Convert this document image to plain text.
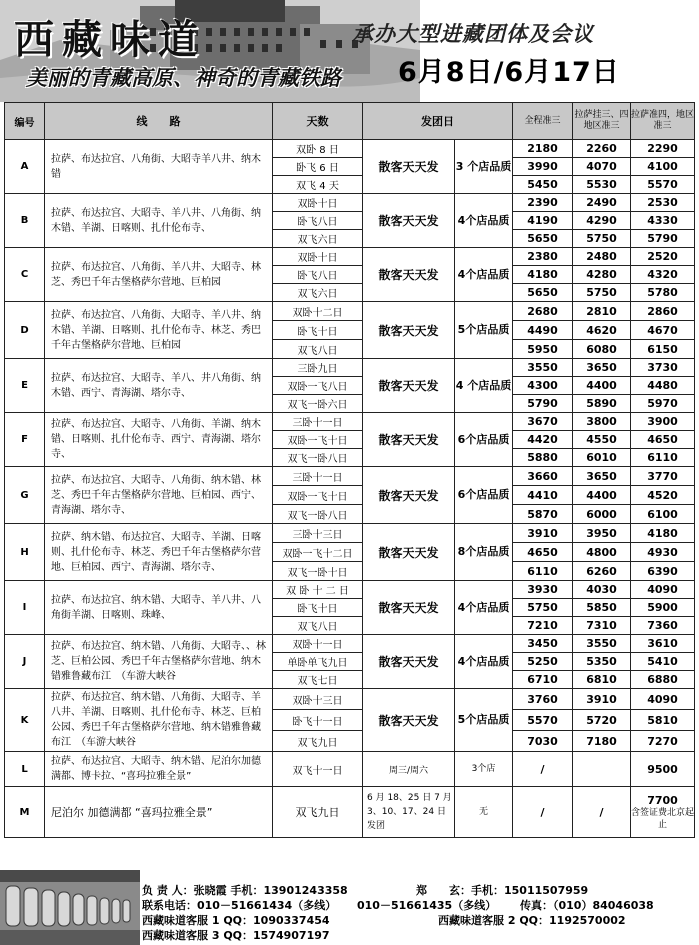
西藏味道
美丽的青藏高原、神奇的青藏铁路
承办大型进藏团体及会议
6月8日/6月17日
编号	线　　路	天数	发团日		全程准三	拉萨挂三、四地区准三	拉萨准四，地区准三
A	拉萨、布达拉宫、八角街、大昭寺羊八井、纳木错	双卧 8 日	散客天天发	3 个店品质	2180	2260	2290
		卧飞 6 日			3990	4070	4100
		双飞 4 天			5450	5530	5570
B	拉萨、布达拉宫、大昭寺、羊八井、八角街、纳木错、羊湖、日喀则、扎什伦布寺、	双卧十日	散客天天发	4个店品质	2390	2490	2530
		卧飞八日			4190	4290	4330
		双飞六日			5650	5750	5790
C	拉萨、布达拉宫、八角街、羊八井、大昭寺、林芝、秀巴千年古堡格萨尔营地、巨柏园	双卧十日	散客天天发	4个店品质	2380	2480	2520
		卧飞八日			4180	4280	4320
		双飞六日			5650	5750	5780
D	拉萨、布达拉宫、八角街、大昭寺、羊八井、纳木错、羊湖、日喀则、扎什伦布寺、林芝、秀巴千年古堡格萨尔营地、巨柏园	双卧十二日	散客天天发	5个店品质	2680	2810	2860
		卧飞十日			4490	4620	4670
		双飞八日			5950	6080	6150
E	拉萨、布达拉宫、大昭寺、羊八、井八角街、纳木错、西宁、青海湖、塔尔寺、	三卧九日	散客天天发	4 个店品质	3550	3650	3730
		双卧一飞八日			4300	4400	4480
		双飞一卧六日			5790	5890	5970
F	拉萨、布达拉宫、大昭寺、八角街、羊湖、纳木错、日喀则、扎什伦布寺、西宁、青海湖、塔尔寺、	三卧十一日	散客天天发	6个店品质	3670	3800	3900
		双卧一飞十日			4420	4550	4650
		双飞一卧八日			5880	6010	6110
G	拉萨、布达拉宫、大昭寺、八角街、纳木错、林芝、秀巴千年古堡格萨尔营地、巨柏园、西宁、青海湖、塔尔寺、	三卧十一日	散客天天发	6个店品质	3660	3650	3770
		双卧一飞十日			4410	4400	4520
		双飞一卧八日			5870	6000	6100
H	拉萨、纳木错、布达拉宫、大昭寺、羊湖、日喀则、扎什伦布寺、林芝、秀巴千年古堡格萨尔营地、巨柏园、西宁、青海湖、塔尔寺、	三卧十三日	散客天天发	8个店品质	3910	3950	4180
		双卧一飞十二日			4650	4800	4930
		双飞一卧十日			6110	6260	6390
I	拉萨、布达拉宫、纳木错、大昭寺、羊八井、八角街羊湖、日喀则、珠峰、	双 卧 十 二 日	散客天天发	4个店品质	3930	4030	4090
		卧飞十日			5750	5850	5900
		双飞八日			7210	7310	7360
J	拉萨、布达拉宫、纳木错、八角街、大昭寺、、林芝、巨柏公园、秀巴千年古堡格萨尔营地、纳木错雅鲁藏布江　（车游大峡谷	双卧十一日	散客天天发	4个店品质	3450	3550	3610
		单卧单飞九日			5250	5350	5410
		双飞七日			6710	6810	6880
K	拉萨、布达拉宫、纳木错、八角街、大昭寺、羊八井、羊湖、日喀则、扎什伦布寺、林芝、巨柏公园、秀巴千年古堡格萨尔营地、纳木错雅鲁藏布江　（车游大峡谷	双卧十三日	散客天天发	5个店品质	3760	3910	4090
		卧飞十一日			5570	5720	5810
		双飞九日			7030	7180	7270
L	拉萨、布达拉宫、大昭寺、纳木错、尼泊尔加德满都、博卡拉、“喜玛拉雅全景”	双飞十一日	周三/周六	3个店	/		9500
M	尼泊尔 加德满都 “喜玛拉雅全景”	双飞九日	6 月 18、25 日 7 月 3、10、17、24 日 发团	无	/	/	7700
含签证费北京起止
负 责 人：张晓霞 手机：13901243358	郑　　玄：手机：15011507959
联系电话：010－51661434（多线） 010－51661435（多线） 传真：（010）84046038
西藏味道客服 1 QQ：1090337454	西藏味道客服 2 QQ：1192570002
西藏味道客服 3 QQ：1574907197
